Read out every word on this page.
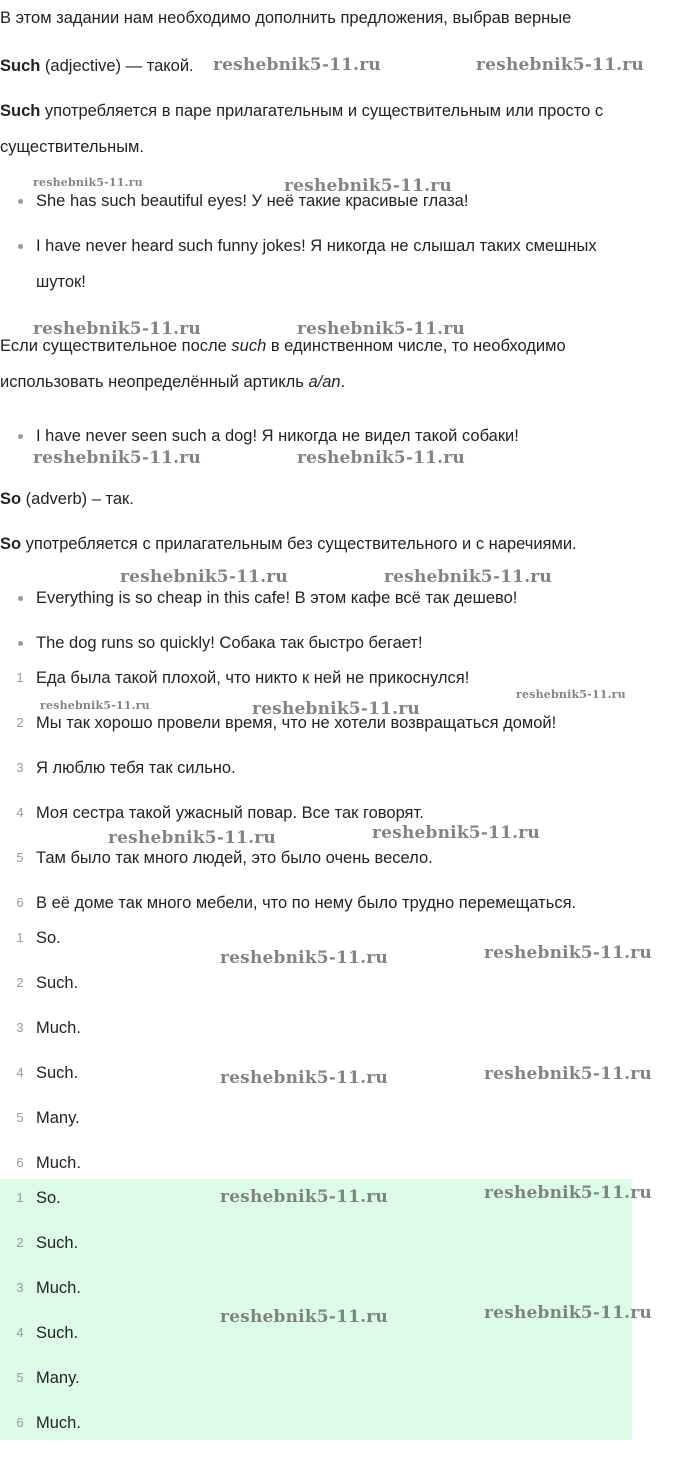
В этом задании нам необходимо дополнить предложения, выбрав верные
Such (adjective) — такой.
Such употребляется в паре прилагательным и существительным или просто с
существительным.
She has such beautiful eyes! У неё такие красивые глаза!
I have never heard such funny jokes! Я никогда не слышал таких смешных
шуток!
Если существительное после such в единственном числе, то необходимо
использовать неопределённый артикль a/an.
I have never seen such a dog! Я никогда не видел такой собаки!
So (adverb) – так.
So употребляется с прилагательным без существительного и с наречиями.
Everything is so cheap in this cafe! В этом кафе всё так дешево!
The dog runs so quickly! Собака так быстро бегает!
1 Еда была такой плохой, что никто к ней не прикоснулся!
2 Мы так хорошо провели время, что не хотели возвращаться домой!
3 Я люблю тебя так сильно.
4 Моя сестра такой ужасный повар. Все так говорят.
5 Там было так много людей, это было очень весело.
6 В её доме так много мебели, что по нему было трудно перемещаться.
1 So.
2 Such.
3 Much.
4 Such.
5 Many.
6 Much.
1 So.
2 Such.
3 Much.
4 Such.
5 Many.
6 Much.
reshebnik5-11.ru	reshebnik5-11.ru
reshebnik5-11.ru	reshebnik5-11.ru
reshebnik5-11.ru	reshebnik5-11.ru
reshebnik5-11.ru	reshebnik5-11.ru
reshebnik5-11.ru	reshebnik5-11.ru
reshebnik5-11.ru
reshebnik5-11.ru	reshebnik5-11.ru
reshebnik5-11.ru
reshebnik5-11.ru
reshebnik5-11.ru
reshebnik5-11.ru
reshebnik5-11.ru	reshebnik5-11.ru
reshebnik5-11.ru	reshebnik5-11.ru
reshebnik5-11.ru	reshebnik5-11.ru
